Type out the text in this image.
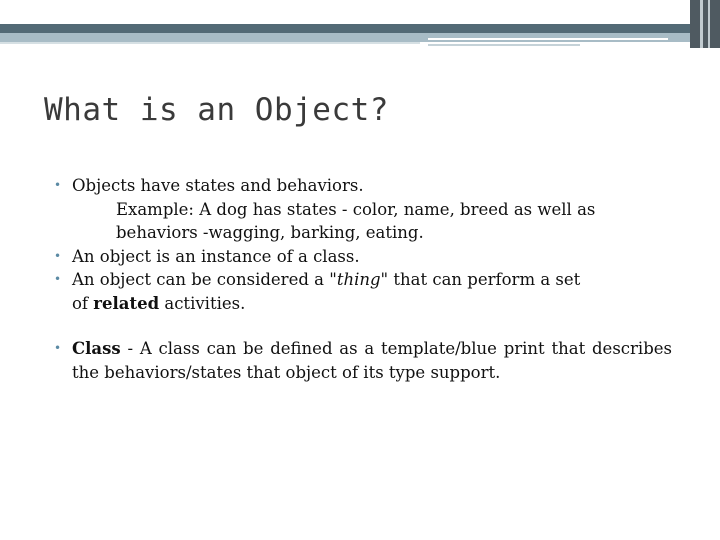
What is an Object?
• Objects have states and behaviors.
Example: A dog has states - color, name, breed as well as
behaviors -wagging, barking, eating.
• An object is an instance of a class.
• An object can be considered a "thing" that can perform a set
of related activities.
• Class - A class can be defined as a template/blue print that describes the behaviors/states that object of its type support.
